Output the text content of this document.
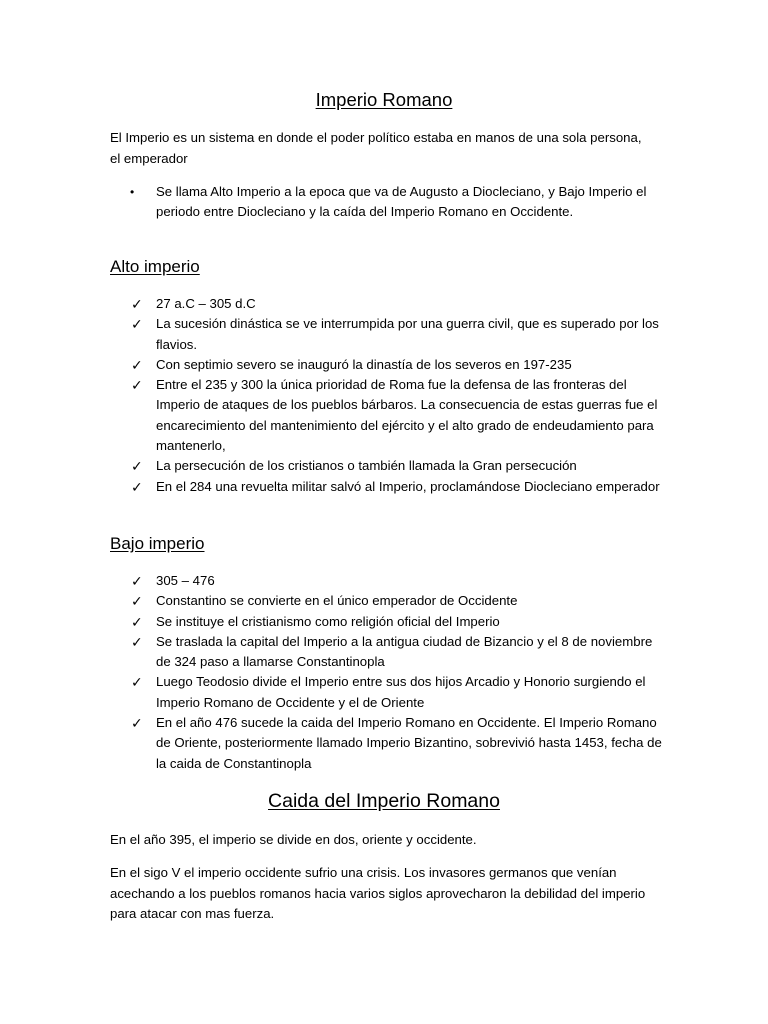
Imperio Romano
El Imperio es un sistema en donde el poder político estaba en manos de una sola persona, el emperador
• Se llama Alto Imperio a la epoca que va de Augusto a Diocleciano, y Bajo Imperio el periodo entre Diocleciano y la caída del Imperio Romano en Occidente.
Alto imperio
✓ 27 a.C – 305 d.C
✓ La sucesión dinástica se ve interrumpida por una guerra civil, que es superado por los flavios.
✓ Con septimio severo se inauguró la dinastía de los severos en 197-235
✓ Entre el 235 y 300 la única prioridad de Roma fue la defensa de las fronteras del Imperio de ataques de los pueblos bárbaros. La consecuencia de estas guerras fue el encarecimiento del mantenimiento del ejército y el alto grado de endeudamiento para mantenerlo,
✓ La persecución de los cristianos o también llamada la Gran persecución
✓ En el 284 una revuelta militar salvó al Imperio, proclamándose Diocleciano emperador
Bajo imperio
✓ 305 – 476
✓ Constantino se convierte en el único emperador de Occidente
✓ Se instituye el cristianismo como religión oficial del Imperio
✓ Se traslada la capital del Imperio a la antigua ciudad de Bizancio y el 8 de noviembre de 324 paso a llamarse Constantinopla
✓ Luego Teodosio divide el Imperio entre sus dos hijos Arcadio y Honorio surgiendo el Imperio Romano de Occidente y el de Oriente
✓ En el año 476 sucede la caida del Imperio Romano en Occidente. El Imperio Romano de Oriente, posteriormente llamado Imperio Bizantino, sobrevivió hasta 1453, fecha de la caida de Constantinopla
Caida del Imperio Romano
En el año 395, el imperio se divide en dos, oriente y occidente.
En el sigo V el imperio occidente sufrio una crisis. Los invasores germanos que venían acechando a los pueblos romanos hacia varios siglos aprovecharon la debilidad del imperio para atacar con mas fuerza.
